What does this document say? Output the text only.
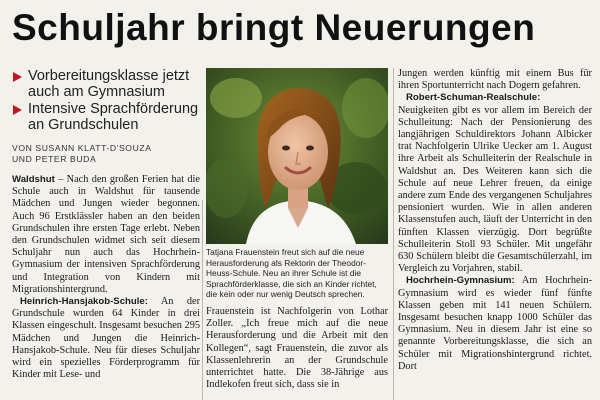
Schuljahr bringt Neuerungen
Vorbereitungsklasse jetzt auch am Gymnasium
Intensive Sprachförderung an Grundschulen
VON SUSANN KLATT-D'SOUZA
UND PETER BUDA

Waldshut – Nach den großen Ferien hat die Schule auch in Waldshut für tausende Mädchen und Jungen wieder begonnen. Auch 96 Erstklässler haben an den beiden Grundschulen ihre ersten Tage erlebt. Neben den Grundschulen widmet sich seit diesem Schuljahr nun auch das Hochrhein-Gymnasium der intensiven Sprachförderung und Integration von Kindern mit Migrationshintergrund.

Heinrich-Hansjakob-Schule: An der Grundschule wurden 64 Kinder in drei Klassen eingeschult. Insgesamt besuchen 295 Mädchen und Jungen die Heinrich-Hansjakob-Schule. Neu für dieses Schuljahr wird ein spezielles Förderprogramm für Kinder mit Lese- und

Tatjana Frauenstein freut sich auf die neue Herausforderung als Rektorin der Theodor-Heuss-Schule. Neu an ihrer Schule ist die Sprachförderklasse, die sich an Kinder richtet, die kein oder nur wenig Deutsch sprechen.

Frauenstein ist Nachfolgerin von Lothar Zoller. „Ich freue mich auf die neue Herausforderung und die Arbeit mit den Kollegen“, sagt Frauenstein, die zuvor als Klassenlehrerin an der Grundschule unterrichtet hatte. Die 38-Jährige aus Indlekofen freut sich, dass sie in

Jungen werden künftig mit einem Bus für ihren Sportunterricht nach Dogern gefahren.

Robert-Schuman-Realschule: Neuigkeiten gibt es vor allem im Bereich der Schulleitung: Nach der Pensionierung des langjährigen Schuldirektors Johann Albicker trat Nachfolgerin Ulrike Uecker am 1. August ihre Arbeit als Schulleiterin der Realschule in Waldshut an. Des Weiteren kann sich die Schule auf neue Lehrer freuen, da einige andere zum Ende des vergangenen Schuljahres pensioniert wurden. Wie in allen anderen Klassenstufen auch, läuft der Unterricht in den fünften Klassen vierzügig. Dort begrüßte Schulleiterin Stoll 93 Schüler. Mit ungefähr 630 Schülern bleibt die Gesamtschülerzahl, im Vergleich zu Vorjahren, stabil.

Hochrhein-Gymnasium: Am Hochrhein-Gymnasium wird es wieder fünf fünfte Klassen geben mit 141 neuen Schülern. Insgesamt besuchen knapp 1000 Schüler das Gymnasium. Neu in diesem Jahr ist eine so genannte Vorbereitungsklasse, die sich an Schüler mit Migrationshintergrund richtet. Dort
